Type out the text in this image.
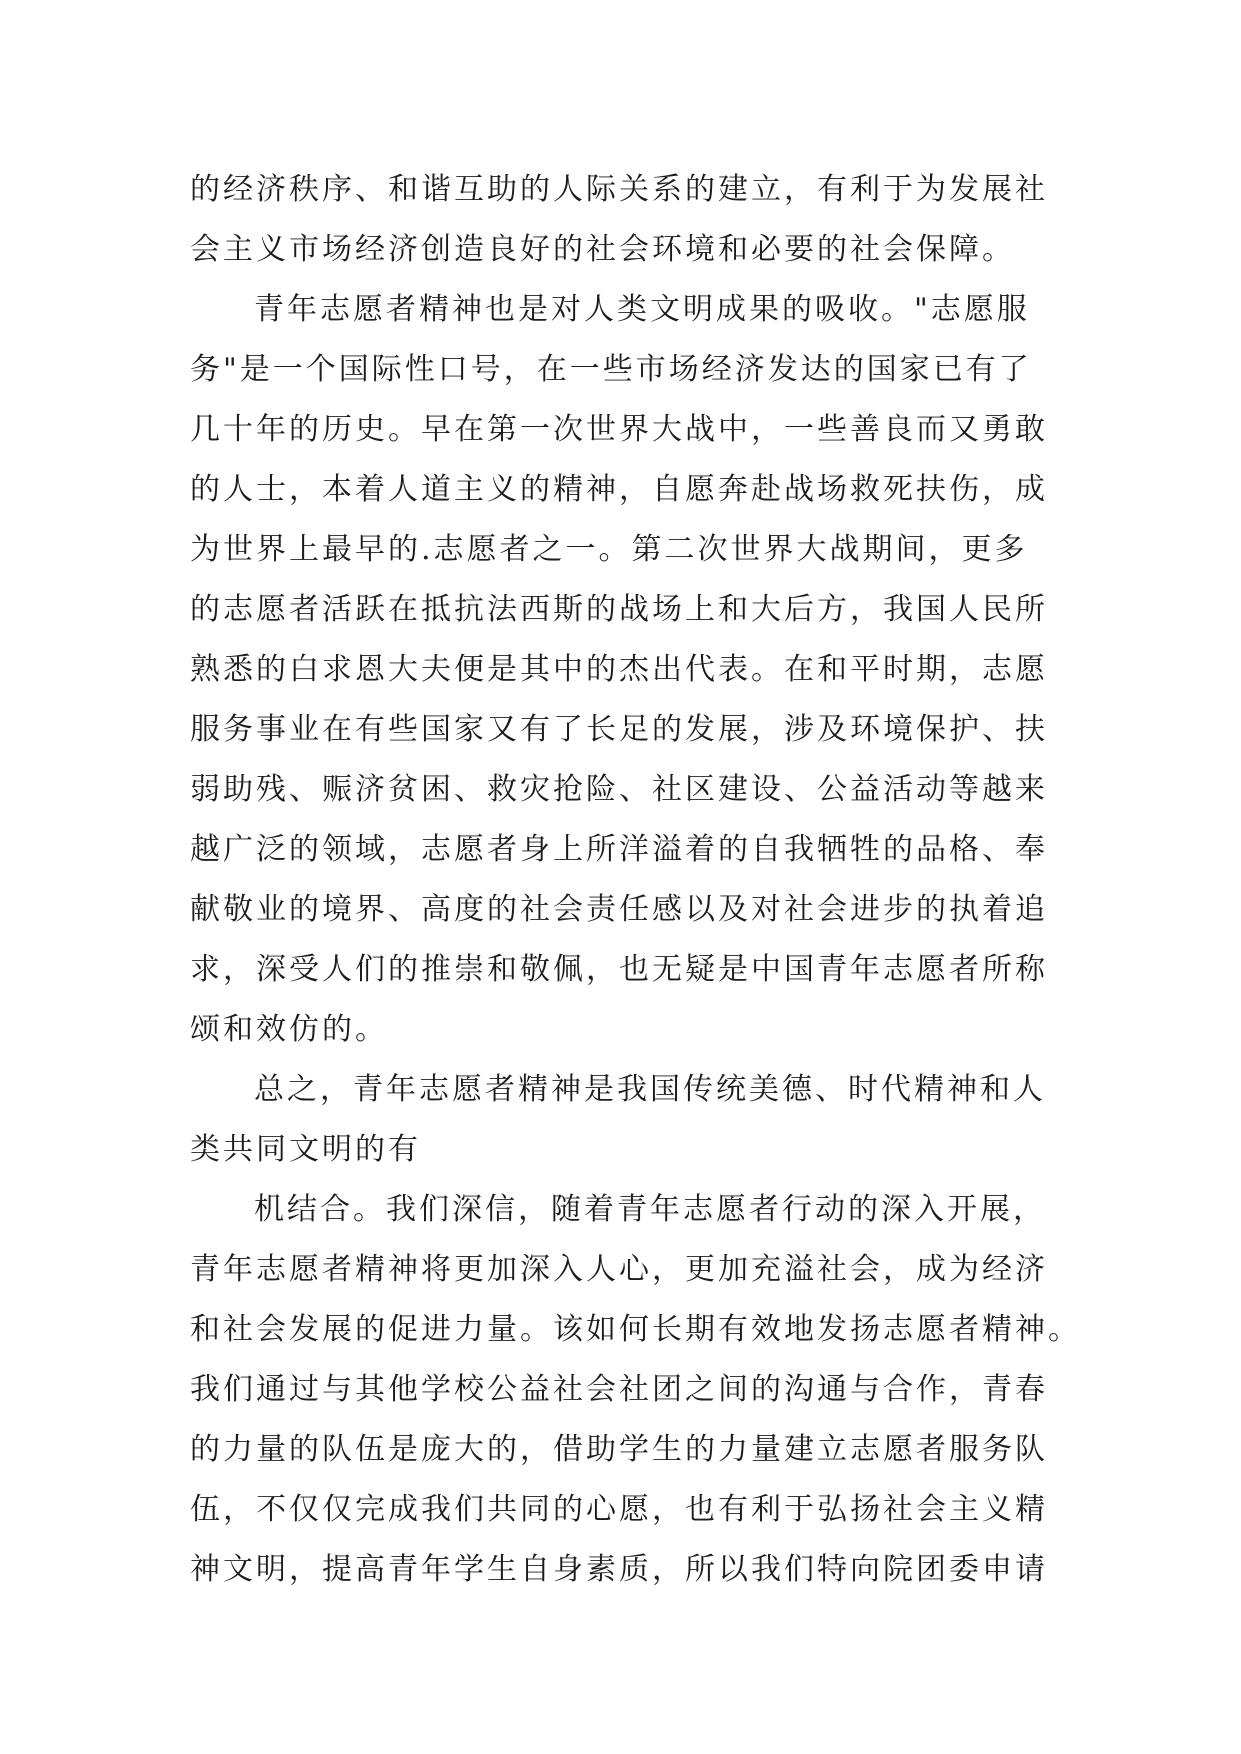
的经济秩序、和谐互助的人际关系的建立，有利于为发展社
会主义市场经济创造良好的社会环境和必要的社会保障。
青年志愿者精神也是对人类文明成果的吸收。"志愿服
务"是一个国际性口号，在一些市场经济发达的国家已有了
几十年的历史。早在第一次世界大战中，一些善良而又勇敢
的人士，本着人道主义的精神，自愿奔赴战场救死扶伤，成
为世界上最早的.志愿者之一。第二次世界大战期间，更多
的志愿者活跃在抵抗法西斯的战场上和大后方，我国人民所
熟悉的白求恩大夫便是其中的杰出代表。在和平时期，志愿
服务事业在有些国家又有了长足的发展，涉及环境保护、扶
弱助残、赈济贫困、救灾抢险、社区建设、公益活动等越来
越广泛的领域，志愿者身上所洋溢着的自我牺牲的品格、奉
献敬业的境界、高度的社会责任感以及对社会进步的执着追
求，深受人们的推崇和敬佩，也无疑是中国青年志愿者所称
颂和效仿的。
总之，青年志愿者精神是我国传统美德、时代精神和人
类共同文明的有
机结合。我们深信，随着青年志愿者行动的深入开展，
青年志愿者精神将更加深入人心，更加充溢社会，成为经济
和社会发展的促进力量。该如何长期有效地发扬志愿者精神。
我们通过与其他学校公益社会社团之间的沟通与合作，青春
的力量的队伍是庞大的，借助学生的力量建立志愿者服务队
伍，不仅仅完成我们共同的心愿，也有利于弘扬社会主义精
神文明，提高青年学生自身素质，所以我们特向院团委申请
